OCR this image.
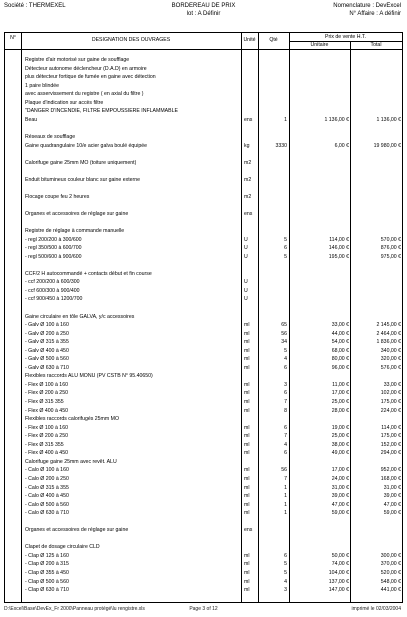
Société : THERMEXEL	BORDEREAU DE PRIX
lot : A Définir
Nomenclature : DevExcel
N° Affaire : A définir
N°	DESIGNATION DES OUVRAGES	Unité	Qté	Prix de vente H.T.
Unitaire	Total
Registre d'air motorisé sur gaine de soufflage
Détecteur autonome déclencheur (D.A.D) en armoire
plus détecteur fortique de fumée en gaine avec détection
1 paire blindée
avec asservissement du registre ( en axial du filtre )
Plaque d'indication sur accès filtre
"DANGER D'INCENDIE, FILTRE EMPOUSSIERE INFLAMMABLE
Beau	ens	1	1 136,00 €	1 136,00 €
Réseaux de soufflage
Gaine quadrangulaire 10/e acier galva boulé équipée	kg	3330	6,00 €	19 980,00 €
Calorifuge gaine 25mm MO (toiture uniquement)	m2
Enduit bitumineux couleur blanc sur gaine externe	m2
Flocage coupe feu 2 heures	m2
Organes et accessoires de réglage sur gaine	ens
Registre de réglage à commande manuelle
- regl 200/200 à 300/600	U	5	114,00 €	570,00 €
- regl 350/500 à 600/700	U	6	146,00 €	876,00 €
- regl 500/600 à 900/600	U	5	195,00 €	975,00 €
CCF/2 H autocommandé + contacts début et fin course
- ccf 200/200 à 600/300	U
- ccf 600/300 à 900/400	U
- ccf 900/450 à 1200/700	U
Gaine circulaire en tôle GALVA, y/c accessoires
- Galv Ø 100 à 160	ml	65	33,00 €	2 145,00 €
- Galv Ø 200 à 250	ml	56	44,00 €	2 464,00 €
- Galv Ø 315 à 355	ml	34	54,00 €	1 836,00 €
- Galv Ø 400 à 450	ml	5	68,00 €	340,00 €
- Galv Ø 500 à 560	ml	4	80,00 €	320,00 €
- Galv Ø 630 à 710	ml	6	96,00 €	576,00 €
Flexibles raccords ALU MONU (PV CSTB N° 95.40650)
- Flex Ø 100 à 160	ml	3	11,00 €	33,00 €
- Flex Ø 200 à 250	ml	6	17,00 €	102,00 €
- Flex Ø 315 355	ml	7	25,00 €	175,00 €
- Flex Ø 400 à 450	ml	8	28,00 €	224,00 €
Flexibles raccords calorifugés 25mm MO
- Flex Ø 100 à 160	ml	6	19,00 €	114,00 €
- Flex Ø 200 à 250	ml	7	25,00 €	175,00 €
- Flex Ø 315 355	ml	4	38,00 €	152,00 €
- Flex Ø 400 à 450	ml	6	49,00 €	294,00 €
Calorifuge gaine 25mm avec revêt. ALU
- Calo Ø 100 à 160	ml	56	17,00 €	952,00 €
- Calo Ø 200 à 250	ml	7	24,00 €	168,00 €
- Calo Ø 315 à 355	ml	1	31,00 €	31,00 €
- Calo Ø 400 à 450	ml	1	39,00 €	39,00 €
- Calo Ø 500 à 560	ml	1	47,00 €	47,00 €
- Calo Ø 630 à 710	ml	1	59,00 €	59,00 €
Organes et accessoires de réglage sur gaine	ens
Clapet de dosage circulaire CLD
- Clap Ø 125 à 160	ml	6	50,00 €	300,00 €
- Clap Ø 200 à 315	ml	5	74,00 €	370,00 €
- Clap Ø 355 à 450	ml	5	104,00 €	520,00 €
- Clap Ø 500 à 560	ml	4	137,00 €	548,00 €
- Clap Ø 630 à 710	ml	3	147,00 €	441,00 €
D:\Excel\Base\DevEx_Fr 2000\Panneau protégé\lu rengistre.xls	Page 3 of 12	imprimé le 02/03/2004
